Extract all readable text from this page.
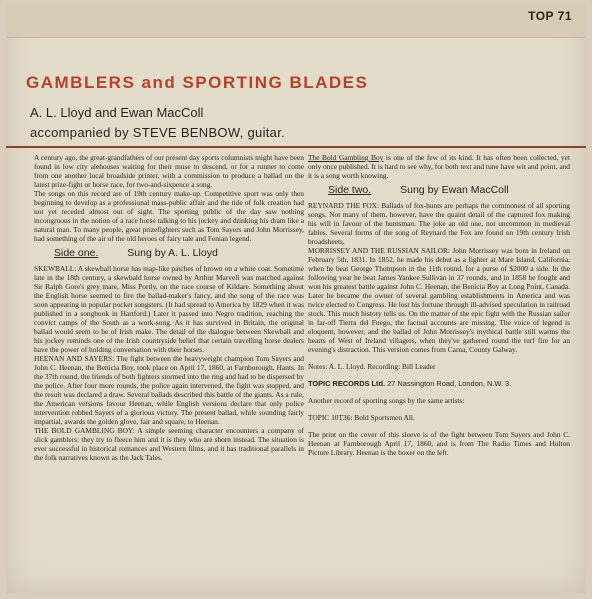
TOP 71
GAMBLERS and SPORTING BLADES
A. L. Lloyd and Ewan MacColl
accompanied by STEVE BENBOW, guitar.

A century ago, the great-grandfathers of our present day sports columnists might have been found in low city alehouses waiting for their muse to descend, or for a runner to come from one another local broadside printer, with a commission to produce a ballad on the latest prize-fight or horse race, for two-and-sixpence a song.

The songs on this record are of 19th century make-up. Competitive sport was only then beginning to develop as a professional mass-public affair and the tide of folk creation had not yet receded almost out of sight. The sporting public of the day saw nothing incongruous in the notion of a race horse talking to his jockey and drinking his dram like a natural man. To many people, great prizefighters such as Tom Sayers and John Morrissey, had something of the air of the old heroes of fairy tale and Fenian legend.

Side one.	Sung by A. L. Lloyd

SKEWBALL: A skewball horse has map-like patches of brown on a white coat. Sometime late in the 18th century, a skewbald horse owned by Arthur Marvell was matched against Sir Ralph Gore's grey mare, Miss Portly, on the race course of Kildare. Something about the English horse seemed to fire the ballad-maker's fancy, and the song of the race was soon appearing in popular pocket songsters. (It had spread to America by 1829 when it was published in a songbook in Hartford.) Later it passed into Negro tradition, reaching the convict camps of the South as a work-song. As it has survived in Britain, the original ballad would seem to be of Irish make. The detail of the dialogue between Skewball and his jockey reminds one of the Irish countryside belief that certain travelling horse dealers have the power of holding conversation with their horses.

HEENAN AND SAYERS: The fight between the heavyweight champion Tom Sayers and John C. Heenan, the Benicia Boy, took place on April 17, 1860, at Farnborough, Hants. In the 37th round, the friends of both fighters stormed into the ring and had to be dispersed by the police. After four more rounds, the police again intervened, the fight was stopped, and the result was declared a draw. Several ballads described this battle of the giants. As a rule, the American versions favour Heenan, while English versions declare that only police intervention robbed Sayers of a glorious victory. The present ballad, while sounding fairly impartial, awards the golden glove, fair and square, to Heenan.

THE BOLD GAMBLING BOY: A simple seeming character encounters a company of slick gamblers: they try to fleece him and it is they who are shorn instead. The situation is ever successful in historical romances and Western films, and it has traditional parallels in the folk narratives known as the Jack Tales.

The Bold Gambling Boy is one of the few of its kind. It has often been collected, yet only once published. It is hard to see why, for both text and tune have wit and point, and it is a song worth knowing.

Side two.	Sung by Ewan MacColl

REYNARD THE FOX: Ballads of fox-hunts are perhaps the commonest of all sporting songs. Not many of them, however, have the quaint detail of the captured fox making his will in favour of the huntsman. The joke an old one, not uncommon in medieval fables. Several forms of the song of Reynard the Fox are found on 19th century Irish broadsheets.

MORRISSEY AND THE RUSSIAN SAILOR: John Morrissey was born in Ireland on February 5th, 1831. In 1852, he made his debut as a fighter at Mare Island, California, when he beat George Thompson in the 11th round, for a purse of $2000 a side. In the following year he beat James Yankee Sullivan in 37 rounds, and in 1858 he fought and won his greatest battle against John C. Heenan, the Benicia Boy at Long Point, Canada. Later he became the owner of several gambling establishments in America and was twice elected to Congress. He lost his fortune through ill-advised speculation in railroad stock. This much history tells us. On the matter of the epic fight with the Russian sailor in far-off Tierra del Fuego, the factual accounts are missing. The voice of legend is eloquent, however, and the ballad of John Morrissey's mythical battle still warms the hearts of West of Ireland villagers, when they've gathered round the turf fire for an evening's distraction. This version comes from Carna, County Galway.

Notes: A. L. Lloyd. Recording: Bill Leader

TOPIC RECORDS Ltd. 27 Nassington Road, London, N.W. 3.

Another record of sporting songs by the same artists:

TOPIC 10T36: Bold Sportsmen All.

The print on the cover of this sleeve is of the fight between Tom Sayers and John C. Heenan at Farnborough April 17, 1860, and is from The Radio Times and Hulton Picture Library. Heenan is the boxer on the left.
